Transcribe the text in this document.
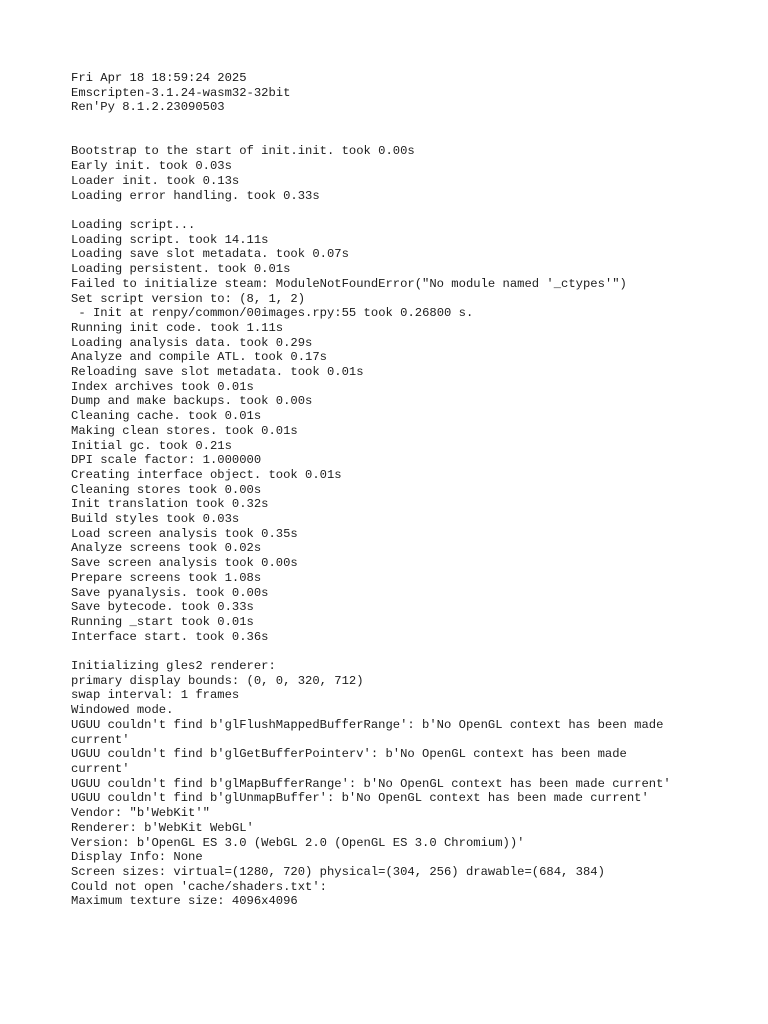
Fri Apr 18 18:59:24 2025
Emscripten-3.1.24-wasm32-32bit
Ren'Py 8.1.2.23090503
Bootstrap to the start of init.init. took 0.00s
Early init. took 0.03s
Loader init. took 0.13s
Loading error handling. took 0.33s
Loading script...
Loading script. took 14.11s
Loading save slot metadata. took 0.07s
Loading persistent. took 0.01s
Failed to initialize steam: ModuleNotFoundError("No module named '_ctypes'")
Set script version to: (8, 1, 2)
- Init at renpy/common/00images.rpy:55 took 0.26800 s.
Running init code. took 1.11s
Loading analysis data. took 0.29s
Analyze and compile ATL. took 0.17s
Reloading save slot metadata. took 0.01s
Index archives took 0.01s
Dump and make backups. took 0.00s
Cleaning cache. took 0.01s
Making clean stores. took 0.01s
Initial gc. took 0.21s
DPI scale factor: 1.000000
Creating interface object. took 0.01s
Cleaning stores took 0.00s
Init translation took 0.32s
Build styles took 0.03s
Load screen analysis took 0.35s
Analyze screens took 0.02s
Save screen analysis took 0.00s
Prepare screens took 1.08s
Save pyanalysis. took 0.00s
Save bytecode. took 0.33s
Running _start took 0.01s
Interface start. took 0.36s
Initializing gles2 renderer:
primary display bounds: (0, 0, 320, 712)
swap interval: 1 frames
Windowed mode.
UGUU couldn't find b'glFlushMappedBufferRange': b'No OpenGL context has been made
current'
UGUU couldn't find b'glGetBufferPointerv': b'No OpenGL context has been made
current'
UGUU couldn't find b'glMapBufferRange': b'No OpenGL context has been made current'
UGUU couldn't find b'glUnmapBuffer': b'No OpenGL context has been made current'
Vendor: "b'WebKit'"
Renderer: b'WebKit WebGL'
Version: b'OpenGL ES 3.0 (WebGL 2.0 (OpenGL ES 3.0 Chromium))'
Display Info: None
Screen sizes: virtual=(1280, 720) physical=(304, 256) drawable=(684, 384)
Could not open 'cache/shaders.txt':
Maximum texture size: 4096x4096
